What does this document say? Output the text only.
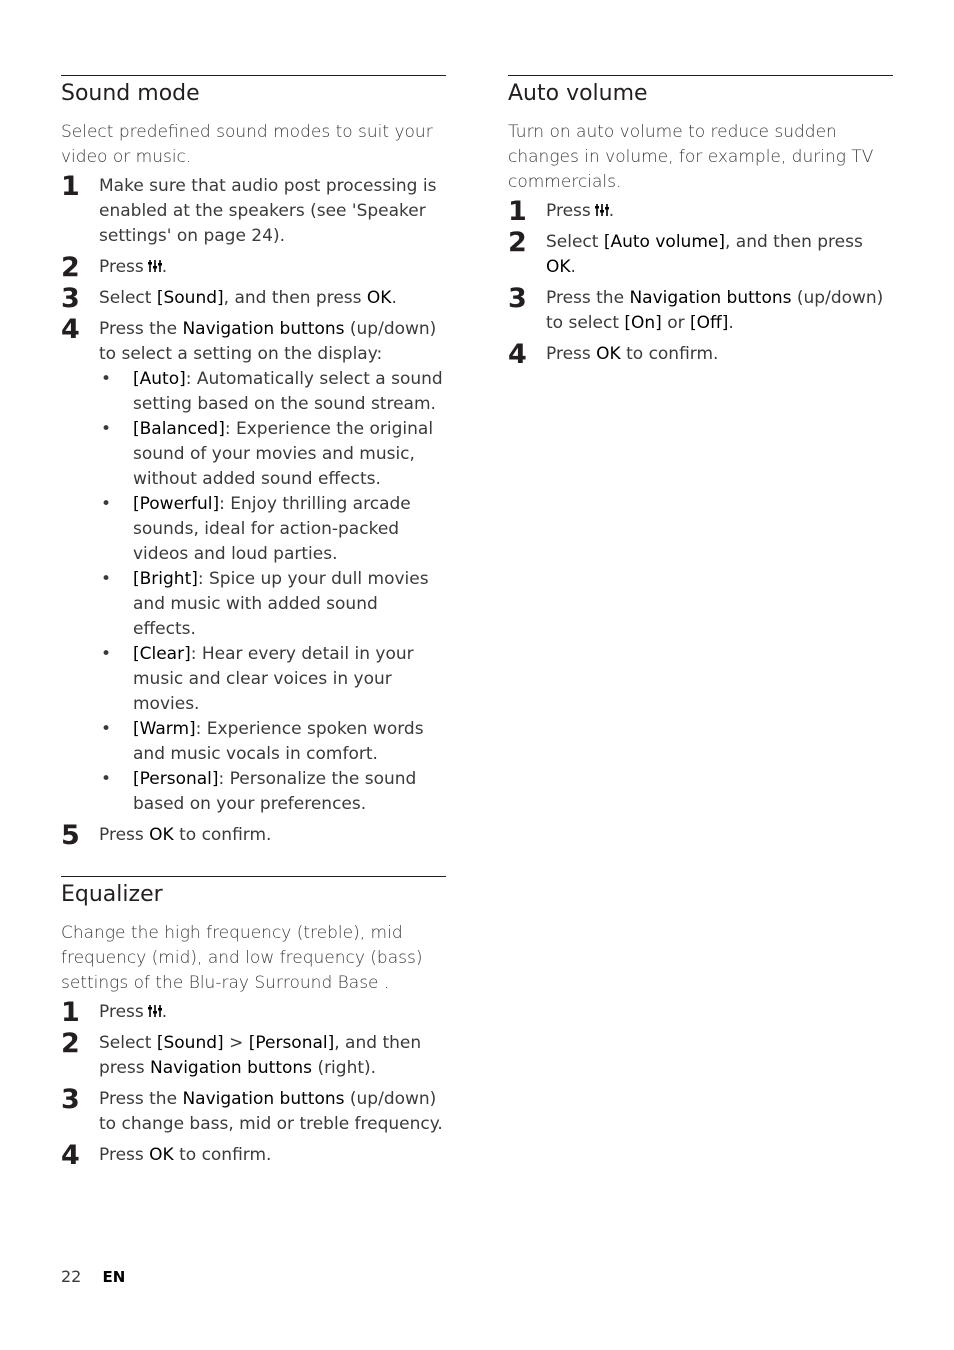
Sound mode

Select predefined sound modes to suit your video or music.

1	Make sure that audio post processing is enabled at the speakers (see 'Speaker settings' on page 24).
2	Press .
3	Select [Sound], and then press OK.
4	Press the Navigation buttons (up/down) to select a setting on the display:
•	[Auto]: Automatically select a sound setting based on the sound stream.
•	[Balanced]: Experience the original sound of your movies and music, without added sound effects.
•	[Powerful]: Enjoy thrilling arcade sounds, ideal for action-packed videos and loud parties.
•	[Bright]: Spice up your dull movies and music with added sound effects.
•	[Clear]: Hear every detail in your music and clear voices in your movies.
•	[Warm]: Experience spoken words and music vocals in comfort.
•	[Personal]: Personalize the sound based on your preferences.
5	Press OK to confirm.
Equalizer

Change the high frequency (treble), mid frequency (mid), and low frequency (bass) settings of the Blu-ray Surround Base .

1	Press .
2	Select [Sound] > [Personal], and then press Navigation buttons (right).
3	Press the Navigation buttons (up/down) to change bass, mid or treble frequency.
4	Press OK to confirm.
Auto volume

Turn on auto volume to reduce sudden changes in volume, for example, during TV commercials.

1	Press .
2	Select [Auto volume], and then press OK.
3	Press the Navigation buttons (up/down) to select [On] or [Off].
4	Press OK to confirm.
22 EN
